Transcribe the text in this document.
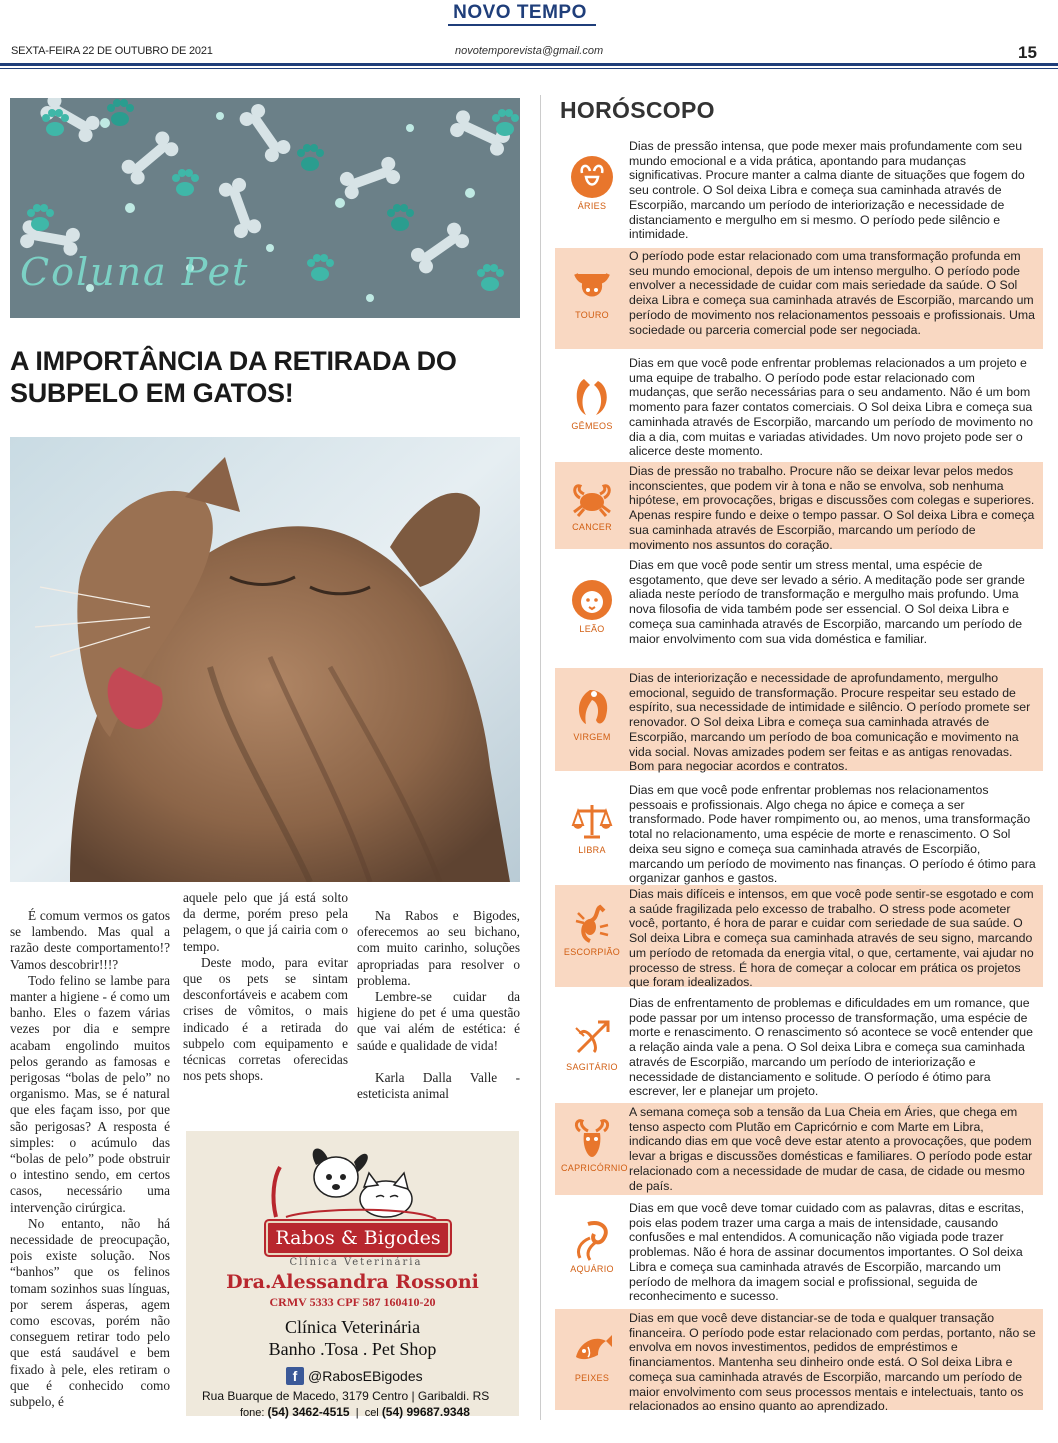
NOVO TEMPO
SEXTA-FEIRA 22 DE OUTUBRO DE 2021	novotemporevista@gmail.com	15
Coluna Pet
A IMPORTÂNCIA DA RETIRADA DO SUBPELO EM GATOS!

É comum vermos os gatos se lambendo. Mas qual a razão deste comportamento!? Vamos descobrir!!!?

Todo felino se lambe para manter a higiene - é como um banho. Eles o fazem várias vezes por dia e sempre acabam engolindo muitos pelos gerando as famosas e perigosas “bolas de pelo” no organismo. Mas, se é natural que eles façam isso, por que são perigosas? A resposta é simples: o acúmulo das “bolas de pelo” pode obstruir o intestino sendo, em certos casos, necessário uma intervenção cirúrgica.

No entanto, não há necessidade de preocupação, pois existe solução. Nos “banhos” que os felinos tomam sozinhos suas línguas, por serem ásperas, agem como escovas, porém não conseguem retirar todo pelo que está saudável e bem fixado à pele, eles retiram o que é conhecido como subpelo, é

aquele pelo que já está solto da derme, porém preso pela pelagem, o que já cairia com o tempo.

Deste modo, para evitar que os pets se sintam desconfortáveis e acabem com crises de vômitos, o mais indicado é a retirada do subpelo com equipamento e técnicas corretas oferecidas nos pets shops.

Na Rabos e Bigodes, oferecemos ao seu bichano, com muito carinho, soluções apropriadas para resolver o problema.

Lembre-se cuidar da higiene do pet é uma questão que vai além de estética: é saúde e qualidade de vida!

Karla Dalla Valle - esteticista animal

Rabos & Bigodes
Clínica Veterinária
Dra.Alessandra Rossoni
CRMV 5333 CPF 587 160410-20
Clínica Veterinária
Banho .Tosa . Pet Shop
f @RabosEBigodes
Rua Buarque de Macedo, 3179 Centro | Garibaldi. RS
fone: (54) 3462-4515  |  cel (54) 99687.9348
HORÓSCOPO
ÁRIES
Dias de pressão intensa, que pode mexer mais profundamente com seu mundo emocional e a vida prática, apontando para mudanças significativas. Procure manter a calma diante de situações que fogem do seu controle. O Sol deixa Libra e começa sua caminhada através de Escorpião, marcando um período de interiorização e necessidade de distanciamento e mergulho em si mesmo. O período pede silêncio e intimidade.
TOURO
O período pode estar relacionado com uma transformação profunda em seu mundo emocional, depois de um intenso mergulho. O período pode envolver a necessidade de cuidar com mais seriedade da saúde. O Sol deixa Libra e começa sua caminhada através de Escorpião, marcando um período de movimento nos relacionamentos pessoais e profissionais. Uma sociedade ou parceria comercial pode ser negociada.
GÊMEOS
Dias em que você pode enfrentar problemas relacionados a um projeto e uma equipe de trabalho. O período pode estar relacionado com mudanças, que serão necessárias para o seu andamento. Não é um bom momento para fazer contatos comerciais. O Sol deixa Libra e começa sua caminhada através de Escorpião, marcando um período de movimento no dia a dia, com muitas e variadas atividades. Um novo projeto pode ser o alicerce deste momento.
CANCER
Dias de pressão no trabalho. Procure não se deixar levar pelos medos inconscientes, que podem vir à tona e não se envolva, sob nenhuma hipótese, em provocações, brigas e discussões com colegas e superiores. Apenas respire fundo e deixe o tempo passar. O Sol deixa Libra e começa sua caminhada através de Escorpião, marcando um período de movimento nos assuntos do coração.
LEÃO
Dias em que você pode sentir um stress mental, uma espécie de esgotamento, que deve ser levado a sério. A meditação pode ser grande aliada neste período de transformação e mergulho mais profundo. Uma nova filosofia de vida também pode ser essencial. O Sol deixa Libra e começa sua caminhada através de Escorpião, marcando um período de maior envolvimento com sua vida doméstica e familiar.
VIRGEM
Dias de interiorização e necessidade de aprofundamento, mergulho emocional, seguido de transformação. Procure respeitar seu estado de espírito, sua necessidade de intimidade e silêncio. O período promete ser renovador. O Sol deixa Libra e começa sua caminhada através de Escorpião, marcando um período de boa comunicação e movimento na vida social. Novas amizades podem ser feitas e as antigas renovadas. Bom para negociar acordos e contratos.
LIBRA
Dias em que você pode enfrentar problemas nos relacionamentos pessoais e profissionais. Algo chega no ápice e começa a ser transformado. Pode haver rompimento ou, ao menos, uma transformação total no relacionamento, uma espécie de morte e renascimento. O Sol deixa seu signo e começa sua caminhada através de Escorpião, marcando um período de movimento nas finanças. O período é ótimo para organizar ganhos e gastos.
ESCORPIÃO
Dias mais difíceis e intensos, em que você pode sentir-se esgotado e com a saúde fragilizada pelo excesso de trabalho. O stress pode acometer você, portanto, é hora de parar e cuidar com seriedade de sua saúde. O Sol deixa Libra e começa sua caminhada através de seu signo, marcando um período de retomada da energia vital, o que, certamente, vai ajudar no processo de stress. É hora de começar a colocar em prática os projetos que foram idealizados.
SAGITÁRIO
Dias de enfrentamento de problemas e dificuldades em um romance, que pode passar por um intenso processo de transformação, uma espécie de morte e renascimento. O renascimento só acontece se você entender que a relação ainda vale a pena. O Sol deixa Libra e começa sua caminhada através de Escorpião, marcando um período de interiorização e necessidade de distanciamento e solitude. O período é ótimo para escrever, ler e planejar um projeto.
CAPRICÓRNIO
A semana começa sob a tensão da Lua Cheia em Áries, que chega em tenso aspecto com Plutão em Capricórnio e com Marte em Libra, indicando dias em que você deve estar atento a provocações, que podem levar a brigas e discussões domésticas e familiares. O período pode estar relacionado com a necessidade de mudar de casa, de cidade ou mesmo de país.
AQUÁRIO
Dias em que você deve tomar cuidado com as palavras, ditas e escritas, pois elas podem trazer uma carga a mais de intensidade, causando confusões e mal entendidos. A comunicação não vigiada pode trazer problemas. Não é hora de assinar documentos importantes. O Sol deixa Libra e começa sua caminhada através de Escorpião, marcando um período de melhora da imagem social e profissional, seguida de reconhecimento e sucesso.
PEIXES
Dias em que você deve distanciar-se de toda e qualquer transação financeira. O período pode estar relacionado com perdas, portanto, não se envolva em novos investimentos, pedidos de empréstimos e financiamentos. Mantenha seu dinheiro onde está. O Sol deixa Libra e começa sua caminhada através de Escorpião, marcando um período de maior envolvimento com seus processos mentais e intelectuais, tanto os relacionados ao ensino quanto ao aprendizado.
